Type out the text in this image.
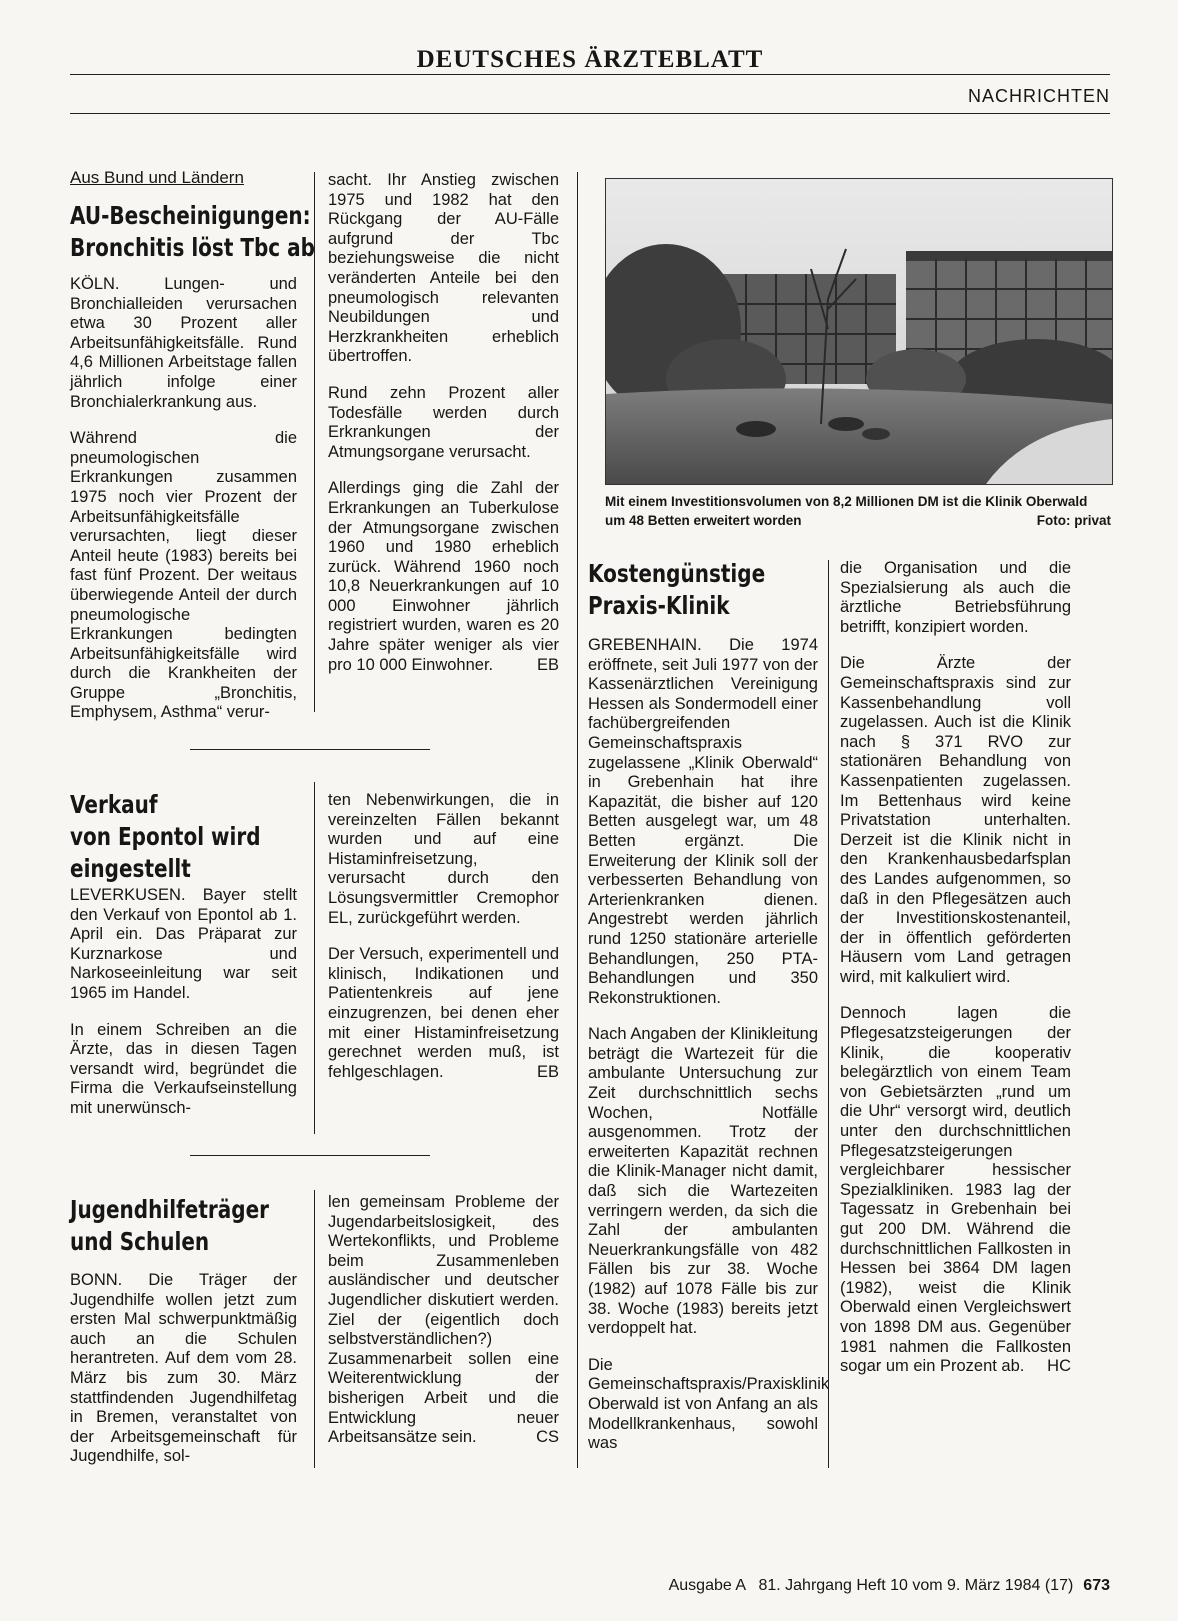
DEUTSCHES ÄRZTEBLATT
NACHRICHTEN
Aus Bund und Ländern
AU-Bescheinigungen:
Bronchitis löst Tbc ab

KÖLN. Lungen- und Bronchialleiden verursachen etwa 30 Prozent aller Arbeitsunfähigkeitsfälle. Rund 4,6 Millionen Arbeitstage fallen jährlich infolge einer Bronchialerkrankung aus.

Während die pneumologischen Erkrankungen zusammen 1975 noch vier Prozent der Arbeitsunfähigkeitsfälle verursachten, liegt dieser Anteil heute (1983) bereits bei fast fünf Prozent. Der weitaus überwiegende Anteil der durch pneumologische Erkrankungen bedingten Arbeitsunfähigkeitsfälle wird durch die Krankheiten der Gruppe „Bronchitis, Emphysem, Asthma“ verur-

sacht. Ihr Anstieg zwischen 1975 und 1982 hat den Rückgang der AU-Fälle aufgrund der Tbc beziehungsweise die nicht veränderten Anteile bei den pneumologisch relevanten Neubildungen und Herzkrankheiten erheblich übertroffen.

Rund zehn Prozent aller Todesfälle werden durch Erkrankungen der Atmungsorgane verursacht.

Allerdings ging die Zahl der Erkrankungen an Tuberkulose der Atmungsorgane zwischen 1960 und 1980 erheblich zurück. Während 1960 noch 10,8 Neuerkrankungen auf 10 000 Einwohner jährlich registriert wurden, waren es 20 Jahre später weniger als vier pro 10 000 Einwohner.	EB

Verkauf
von Epontol wird
eingestellt

LEVERKUSEN. Bayer stellt den Verkauf von Epontol ab 1. April ein. Das Präparat zur Kurznarkose und Narkoseeinleitung war seit 1965 im Handel.

In einem Schreiben an die Ärzte, das in diesen Tagen versandt wird, begründet die Firma die Verkaufseinstellung mit unerwünsch-

ten Nebenwirkungen, die in vereinzelten Fällen bekannt wurden und auf eine Histaminfreisetzung, verursacht durch den Lösungsvermittler Cremophor EL, zurückgeführt werden.

Der Versuch, experimentell und klinisch, Indikationen und Patientenkreis auf jene einzugrenzen, bei denen eher mit einer Histaminfreisetzung gerechnet werden muß, ist fehlgeschlagen.	EB

Jugendhilfeträger
und Schulen

BONN. Die Träger der Jugendhilfe wollen jetzt zum ersten Mal schwerpunktmäßig auch an die Schulen herantreten. Auf dem vom 28. März bis zum 30. März stattfindenden Jugendhilfetag in Bremen, veranstaltet von der Arbeitsgemeinschaft für Jugendhilfe, sol-

len gemeinsam Probleme der Jugendarbeitslosigkeit, des Wertekonflikts, und Probleme beim Zusammenleben ausländischer und deutscher Jugendlicher diskutiert werden. Ziel der (eigentlich doch selbstverständlichen?) Zusammenarbeit sollen eine Weiterentwicklung der bisherigen Arbeit und die Entwicklung neuer Arbeitsansätze sein.	CS

Mit einem Investitionsvolumen von 8,2 Millionen DM ist die Klinik Oberwald um 48 Betten erweitert worden	Foto: privat
Kostengünstige
Praxis-Klinik

GREBENHAIN. Die 1974 eröffnete, seit Juli 1977 von der Kassenärztlichen Vereinigung Hessen als Sondermodell einer fachübergreifenden Gemeinschaftspraxis zugelassene „Klinik Oberwald“ in Grebenhain hat ihre Kapazität, die bisher auf 120 Betten ausgelegt war, um 48 Betten ergänzt. Die Erweiterung der Klinik soll der verbesserten Behandlung von Arterienkranken dienen. Angestrebt werden jährlich rund 1250 stationäre arterielle Behandlungen, 250 PTA-Behandlungen und 350 Rekonstruktionen.

Nach Angaben der Klinikleitung beträgt die Wartezeit für die ambulante Untersuchung zur Zeit durchschnittlich sechs Wochen, Notfälle ausgenommen. Trotz der erweiterten Kapazität rechnen die Klinik-Manager nicht damit, daß sich die Wartezeiten verringern werden, da sich die Zahl der ambulanten Neuerkrankungsfälle von 482 Fällen bis zur 38. Woche (1982) auf 1078 Fälle bis zur 38. Woche (1983) bereits jetzt verdoppelt hat.

Die Gemeinschaftspraxis/Praxisklinik Oberwald ist von Anfang an als Modellkrankenhaus, sowohl was

die Organisation und die Spezialsierung als auch die ärztliche Betriebsführung betrifft, konzipiert worden.

Die Ärzte der Gemeinschaftspraxis sind zur Kassenbehandlung voll zugelassen. Auch ist die Klinik nach § 371 RVO zur stationären Behandlung von Kassenpatienten zugelassen. Im Bettenhaus wird keine Privatstation unterhalten. Derzeit ist die Klinik nicht in den Krankenhausbedarfsplan des Landes aufgenommen, so daß in den Pflegesätzen auch der Investitionskostenanteil, der in öffentlich geförderten Häusern vom Land getragen wird, mit kalkuliert wird.

Dennoch lagen die Pflegesatzsteigerungen der Klinik, die kooperativ belegärztlich von einem Team von Gebietsärzten „rund um die Uhr“ versorgt wird, deutlich unter den durchschnittlichen Pflegesatzsteigerungen vergleichbarer hessischer Spezialkliniken. 1983 lag der Tagessatz in Grebenhain bei gut 200 DM. Während die durchschnittlichen Fallkosten in Hessen bei 3864 DM lagen (1982), weist die Klinik Oberwald einen Vergleichswert von 1898 DM aus. Gegenüber 1981 nahmen die Fallkosten sogar um ein Prozent ab. HC

Ausgabe A   81. Jahrgang Heft 10 vom 9. März 1984 (17) 673
